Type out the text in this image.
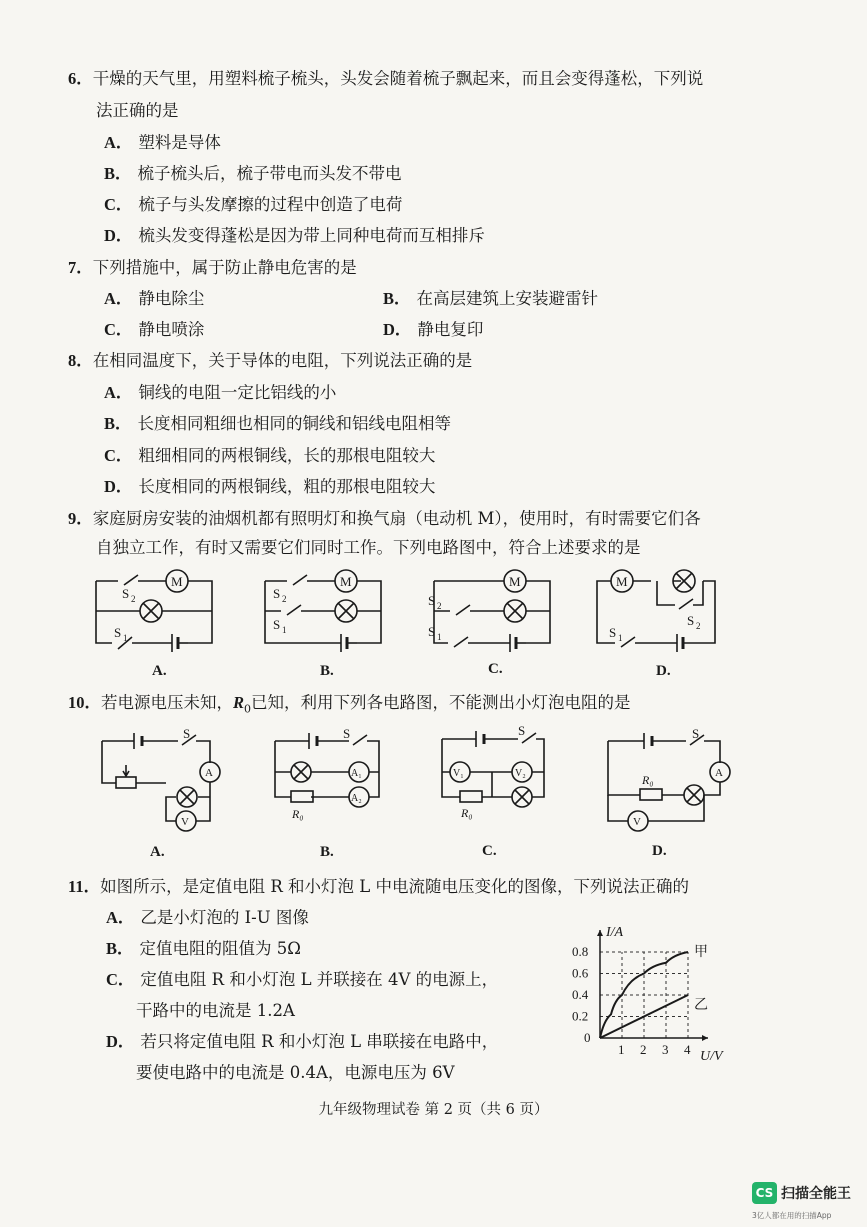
6．干燥的天气里，用塑料梳子梳头，头发会随着梳子飘起来，而且会变得蓬松，下列说
法正确的是
A． 塑料是导体
B． 梳子梳头后，梳子带电而头发不带电
C． 梳子与头发摩擦的过程中创造了电荷
D． 梳头发变得蓬松是因为带上同种电荷而互相排斥
7．下列措施中，属于防止静电危害的是
A． 静电除尘	B． 在高层建筑上安装避雷针
C． 静电喷涂	D． 静电复印
8．在相同温度下，关于导体的电阻，下列说法正确的是
A． 铜线的电阻一定比铝线的小
B． 长度相同粗细也相同的铜线和铝线电阻相等
C． 粗细相同的两根铜线，长的那根电阻较大
D． 长度相同的两根铜线，粗的那根电阻较大
9．家庭厨房安装的油烟机都有照明灯和换气扇（电动机 M），使用时，有时需要它们各
自独立工作，有时又需要它们同时工作。下列电路图中，符合上述要求的是
M
S 2
S 1
M
S 2
S 1
M
S 2
S 1
M
S 1
S 2
A.	B.	C.	D.
10．若电源电压未知，$R_0$已知，利用下列各电路图，不能测出小灯泡电阻的是
S
A
V
S
A₁
A₂
R₀
S
V₁	V₂
R₀
S
A
V
R₀
A.	B.	C.	D.
11．如图所示，是定值电阻 R 和小灯泡 L 中电流随电压变化的图像，下列说法正确的
A． 乙是小灯泡的 I-U 图像
B． 定值电阻的阻值为 5Ω
C． 定值电阻 R 和小灯泡 L 并联接在 4V 的电源上，
干路中的电流是 1.2A
D． 若只将定值电阻 R 和小灯泡 L 串联接在电路中，
要使电路中的电流是 0.4A，电源电压为 6V
1 2 3 4
0.2
0.4
0.6
0.8
0
I/A
U/V
甲
乙
九年级物理试卷 第 2 页（共 6 页）
CS 扫描全能王
3亿人都在用的扫描App
